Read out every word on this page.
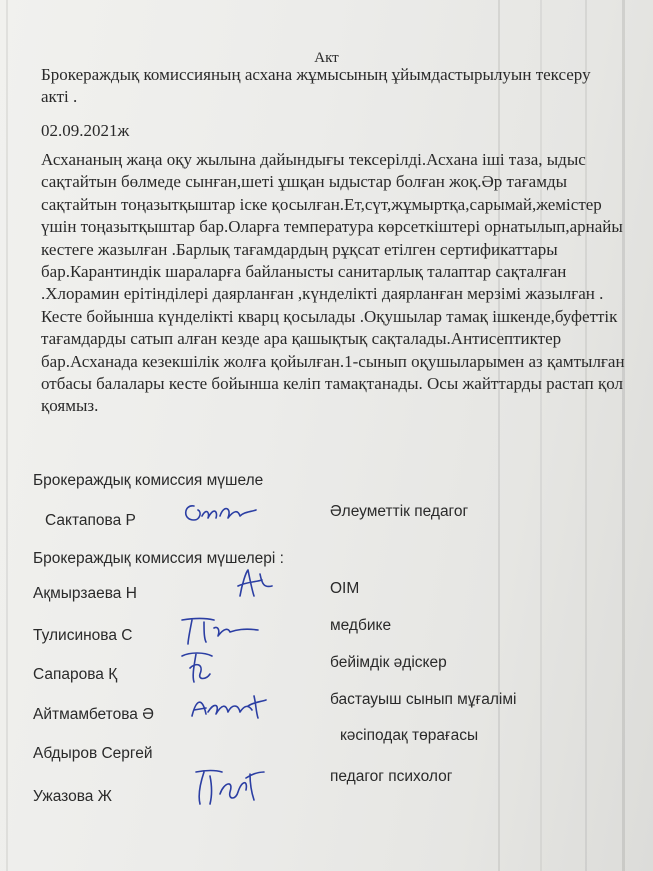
Акт
Брокераждық комиссияның асхана жұмысының ұйымдастырылуын тексеру акті .
02.09.2021ж
Асхананың жаңа оқу жылына дайындығы тексерілді.Асхана іші таза, ыдыс сақтайтын бөлмеде сынған,шеті ұшқан ыдыстар болған жоқ.Әр тағамды сақтайтын тоңазытқыштар іске қосылған.Ет,сүт,жұмыртқа,сарымай,жемістер үшін тоңазытқыштар бар.Оларға температура көрсеткіштері орнатылып,арнайы кестеге жазылған .Барлық тағамдардың рұқсат етілген сертификаттары бар.Карантиндік шараларға байланысты санитарлық талаптар сақталған .Хлорамин ерітінділері даярланған ,күнделікті даярланған мерзімі жазылған . Кесте бойынша күнделікті кварц қосылады .Оқушылар тамақ ішкенде,буфеттік тағамдарды сатып алған кезде ара қашықтық сақталады.Антисептиктер бар.Асханада кезекшілік жолға қойылған.1-сынып оқушыларымен аз қамтылған отбасы балалары кесте бойынша келіп тамақтанады. Осы жайттарды растап қол қоямыз.
Брокераждық комиссия мүшеле
Сактапова Р
Әлеуметтік педагог
Брокераждық комиссия мүшелері :
Ақмырзаева Н	ОІМ
Тулисинова С
медбике
Сапарова Қ
бейімдік әдіскер
Айтмамбетова Ә
бастауыш сынып мұғалімі
Абдыров Сергей
кәсіподақ төрағасы
Ужазова Ж
педагог психолог
